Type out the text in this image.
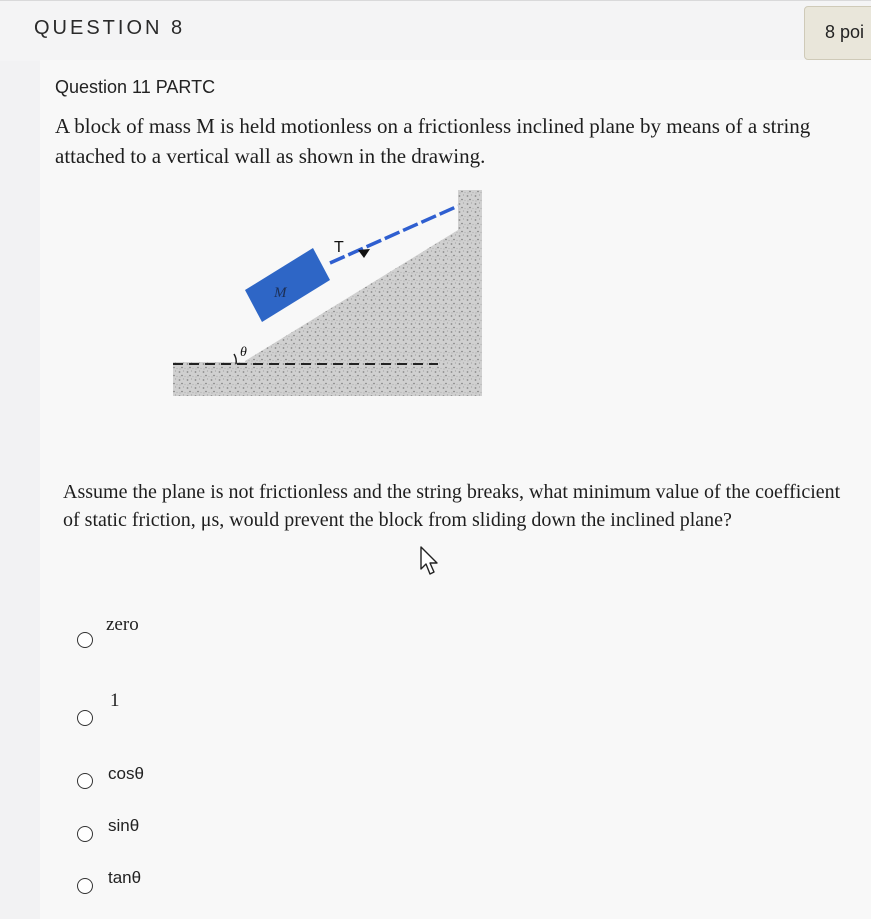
QUESTION 8	8 poi
Question 11 PARTC
A block of mass M is held motionless on a frictionless inclined plane by means of a string attached to a vertical wall as shown in the drawing.
θ
T
M
Assume the plane is not frictionless and the string breaks, what minimum value of the coefficient of static friction, μs, would prevent the block from sliding down the inclined plane?
zero
1
cosθ
sinθ
tanθ
